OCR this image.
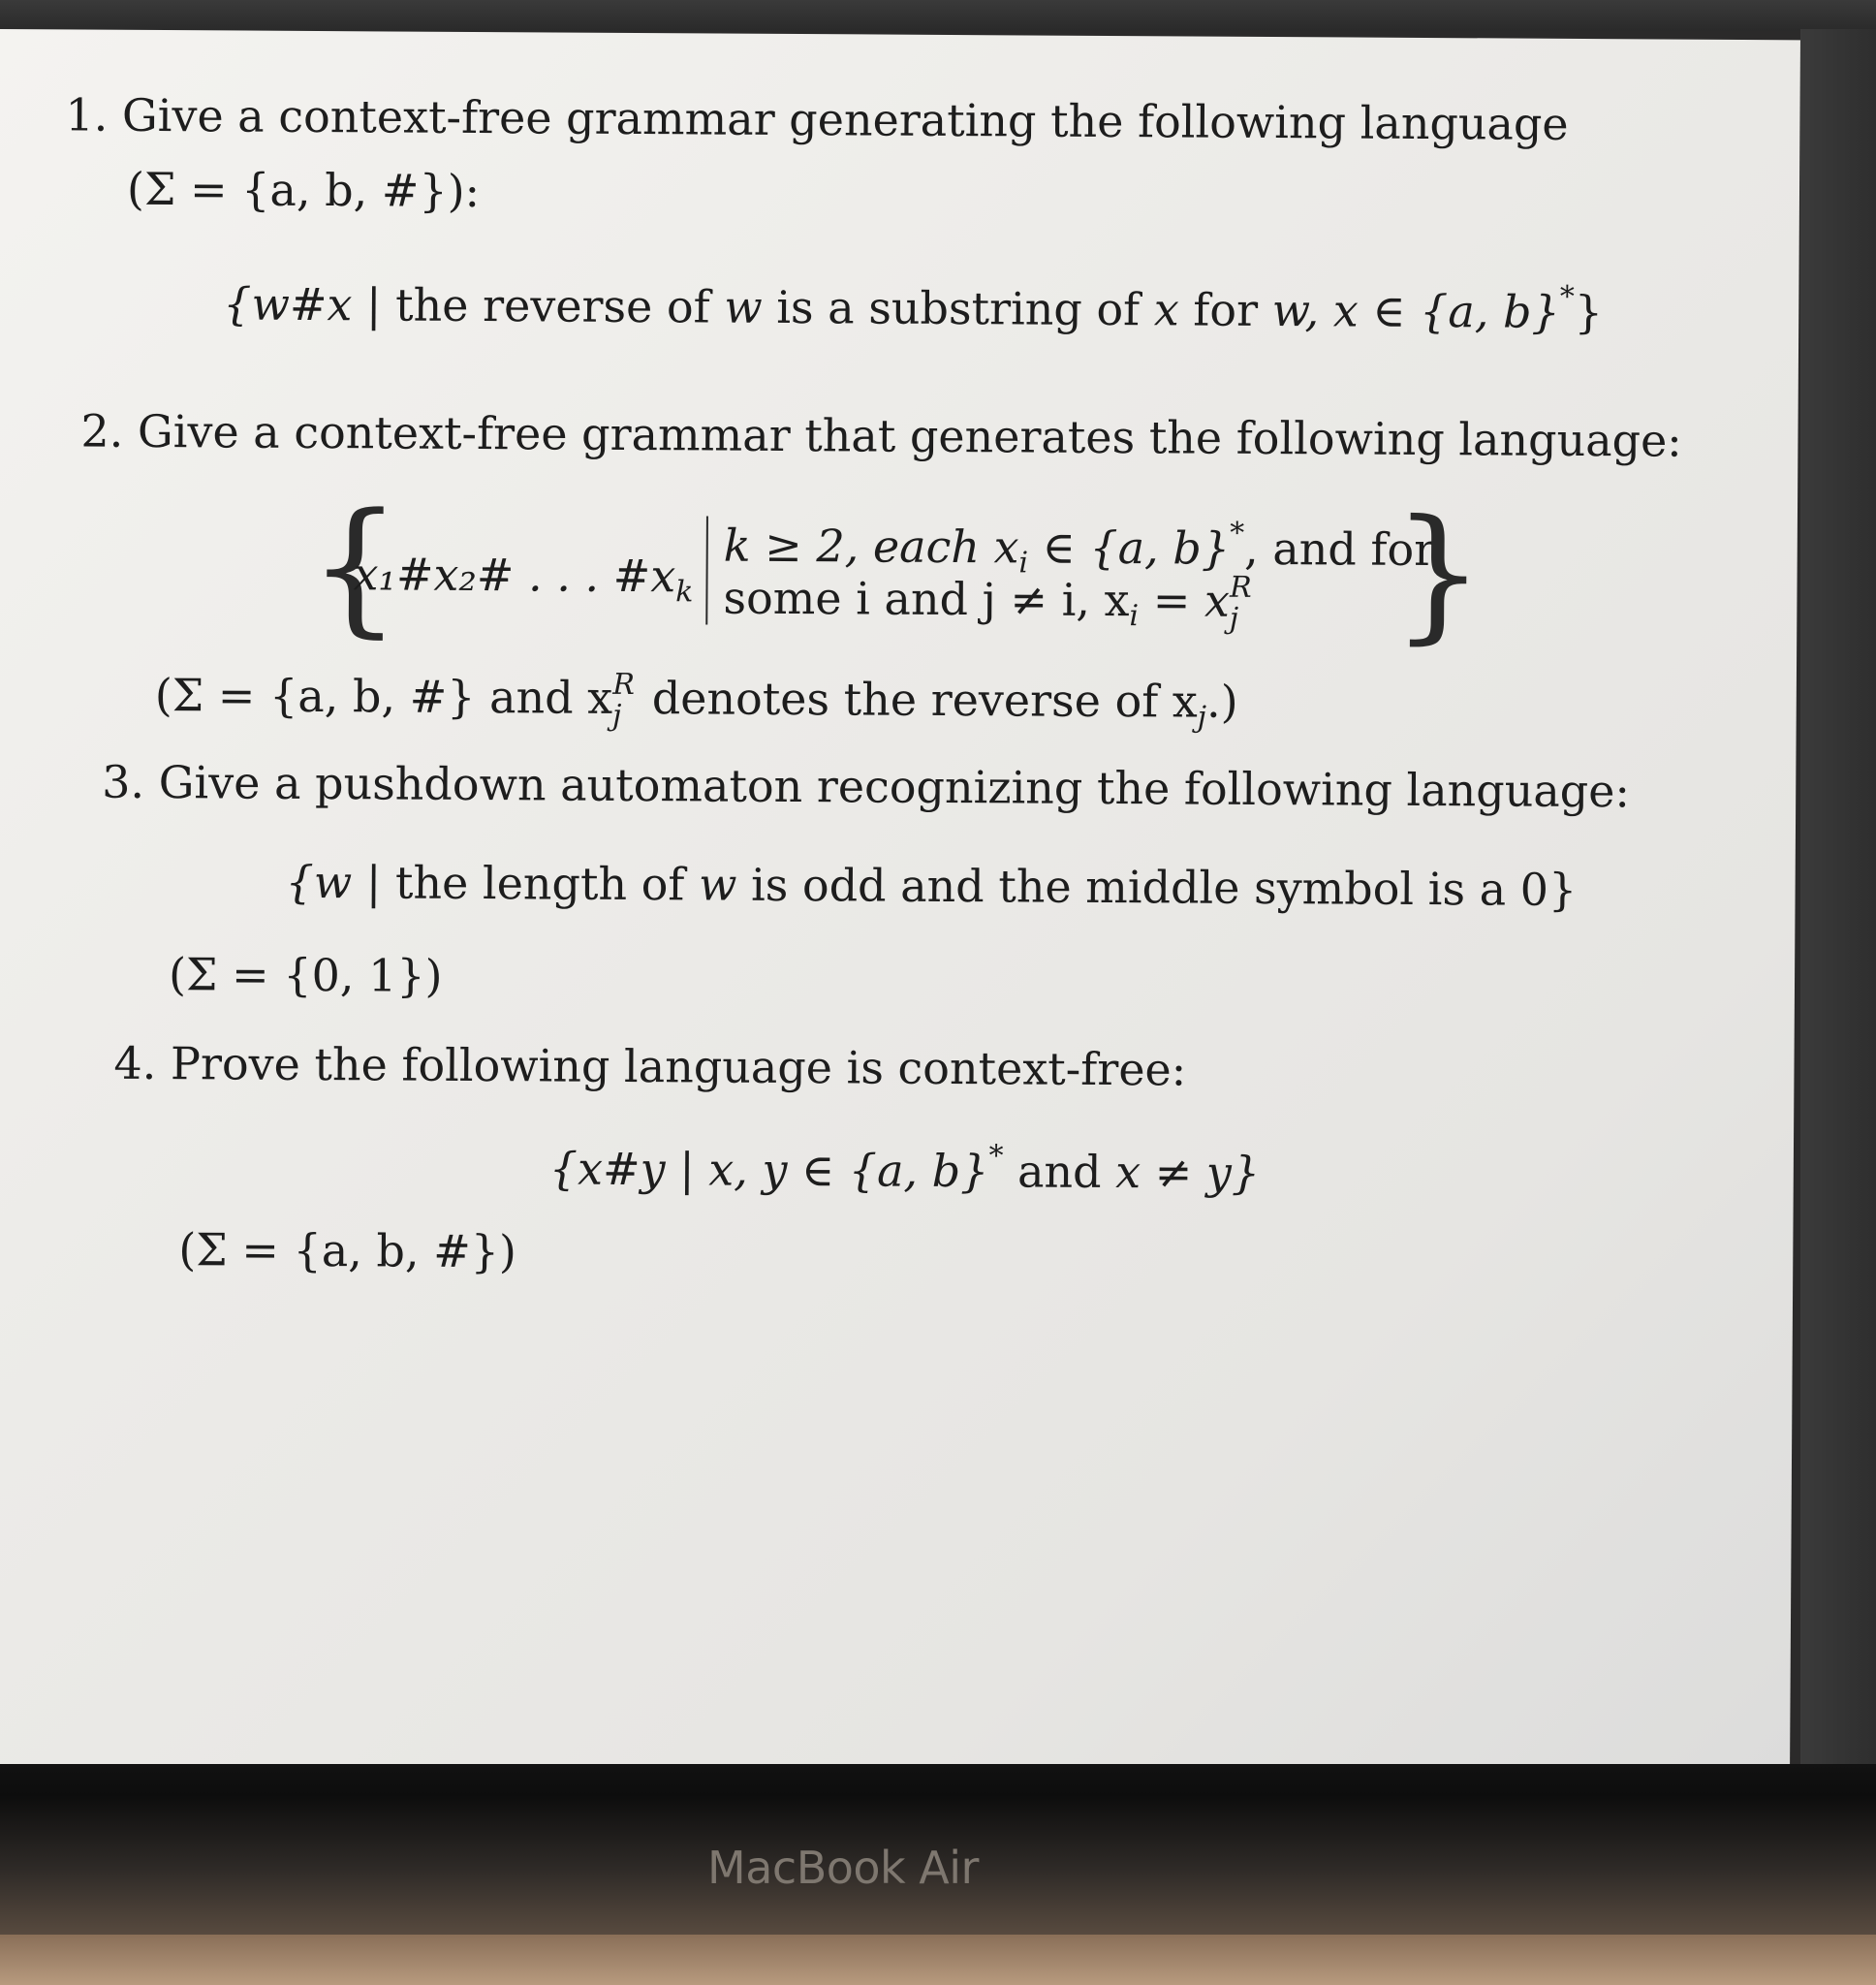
1. Give a context-free grammar generating the following language
(Σ = {a, b, #}):
{w#x | the reverse of w is a substring of x for w, x ∈ {a, b}*}
2. Give a context-free grammar that generates the following language:
{
x₁#x₂# . . . $\#x_k$
k ≥ 2, each $x_i$ ∈ {a, b}*, and for
some i and j ≠ i, $x_i = x$ R
j }
(Σ = {a, b, #} and x R
j denotes the reverse of $x_j$.)
3. Give a pushdown automaton recognizing the following language:
{w | the length of w is odd and the middle symbol is a 0}
(Σ = {0, 1})
4. Prove the following language is context-free:
{x#y | x, y ∈ {a, b}* and x ≠ y}
(Σ = {a, b, #})
MacBook Air
